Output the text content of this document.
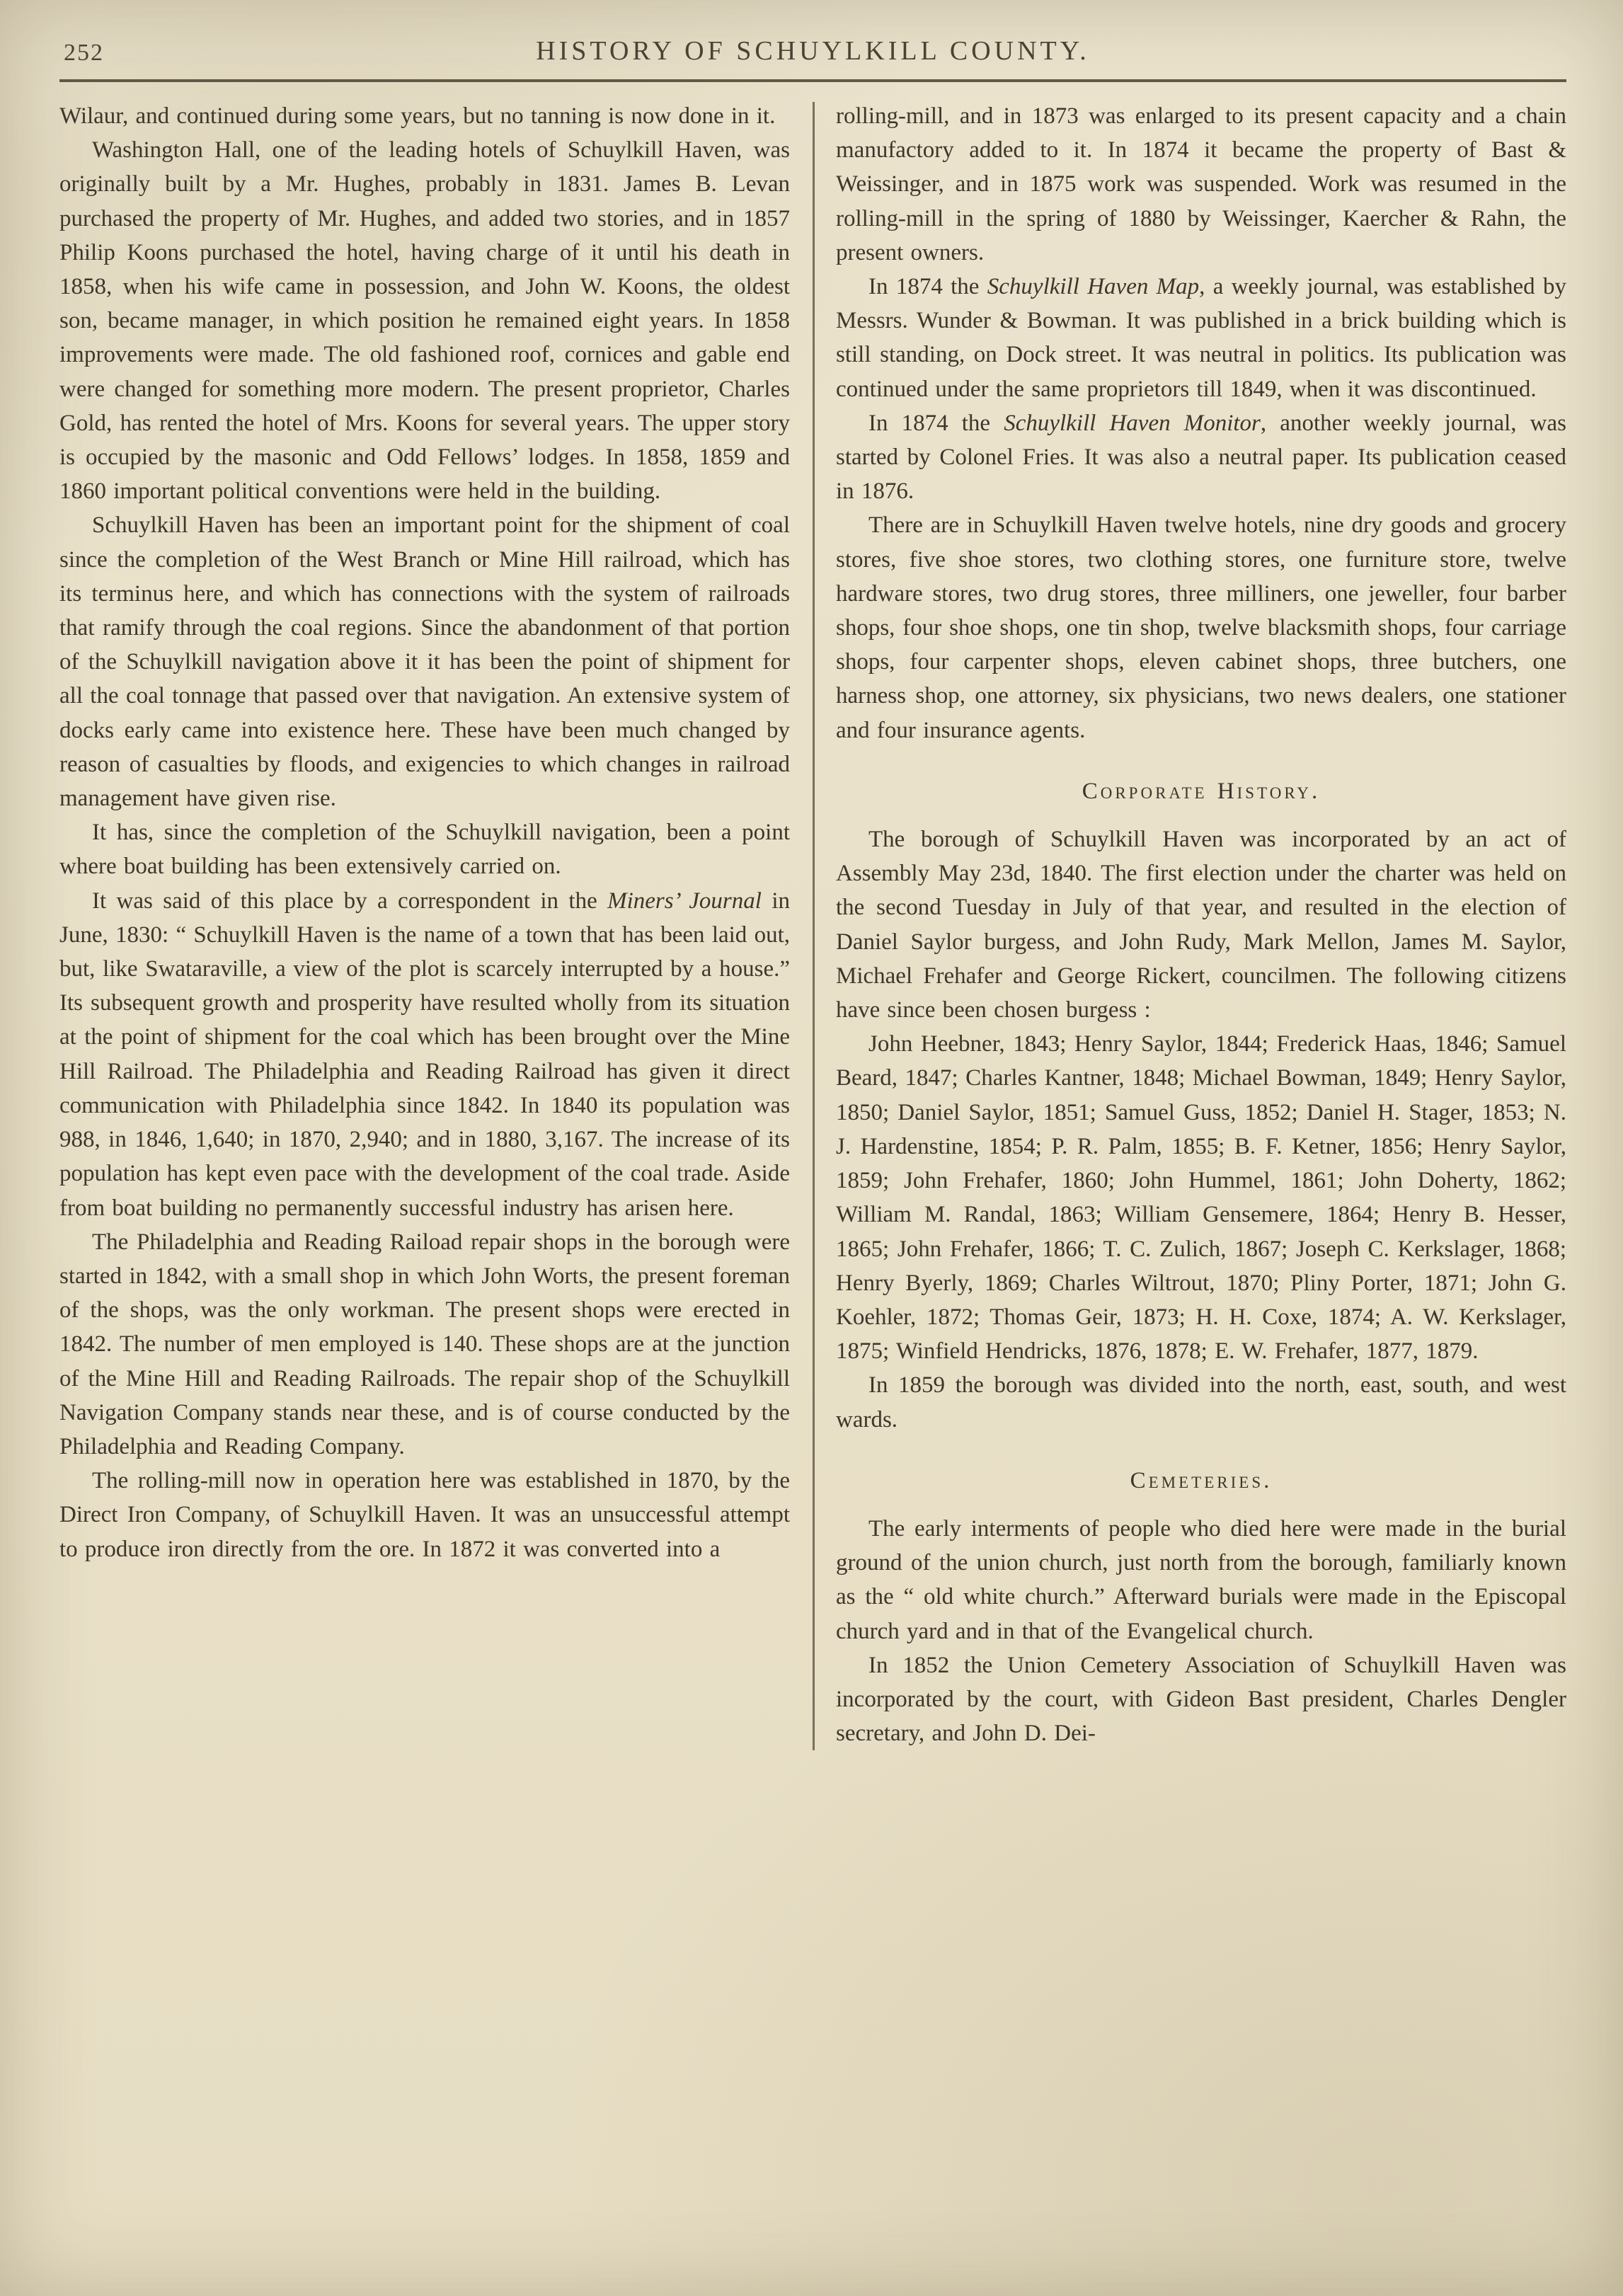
252	HISTORY OF SCHUYLKILL COUNTY.

Wilaur, and continued during some years, but no tanning is now done in it.

Washington Hall, one of the leading hotels of Schuylkill Haven, was originally built by a Mr. Hughes, probably in 1831. James B. Levan purchased the property of Mr. Hughes, and added two stories, and in 1857 Philip Koons purchased the hotel, having charge of it until his death in 1858, when his wife came in possession, and John W. Koons, the oldest son, became manager, in which position he remained eight years. In 1858 improvements were made. The old fashioned roof, cornices and gable end were changed for something more modern. The present proprietor, Charles Gold, has rented the hotel of Mrs. Koons for several years. The upper story is occupied by the masonic and Odd Fellows’ lodges. In 1858, 1859 and 1860 important political conventions were held in the building.

Schuylkill Haven has been an important point for the shipment of coal since the completion of the West Branch or Mine Hill railroad, which has its terminus here, and which has connections with the system of railroads that ramify through the coal regions. Since the abandonment of that portion of the Schuylkill navigation above it it has been the point of shipment for all the coal tonnage that passed over that navigation. An extensive system of docks early came into existence here. These have been much changed by reason of casualties by floods, and exigencies to which changes in railroad management have given rise.

It has, since the completion of the Schuylkill navigation, been a point where boat building has been extensively carried on.

It was said of this place by a correspondent in the Miners’ Journal in June, 1830: “ Schuylkill Haven is the name of a town that has been laid out, but, like Swataraville, a view of the plot is scarcely interrupted by a house.” Its subsequent growth and prosperity have resulted wholly from its situation at the point of shipment for the coal which has been brought over the Mine Hill Railroad. The Philadelphia and Reading Railroad has given it direct communication with Philadelphia since 1842. In 1840 its population was 988, in 1846, 1,640; in 1870, 2,940; and in 1880, 3,167. The increase of its population has kept even pace with the development of the coal trade. Aside from boat building no permanently successful industry has arisen here.

The Philadelphia and Reading Raiload repair shops in the borough were started in 1842, with a small shop in which John Worts, the present foreman of the shops, was the only workman. The present shops were erected in 1842. The number of men employed is 140. These shops are at the junction of the Mine Hill and Reading Railroads. The repair shop of the Schuylkill Navigation Company stands near these, and is of course conducted by the Philadelphia and Reading Company.

The rolling-mill now in operation here was established in 1870, by the Direct Iron Company, of Schuylkill Haven. It was an unsuccessful attempt to produce iron directly from the ore. In 1872 it was converted into a

rolling-mill, and in 1873 was enlarged to its present capacity and a chain manufactory added to it. In 1874 it became the property of Bast & Weissinger, and in 1875 work was suspended. Work was resumed in the rolling-mill in the spring of 1880 by Weissinger, Kaercher & Rahn, the present owners.

In 1874 the Schuylkill Haven Map, a weekly journal, was established by Messrs. Wunder & Bowman. It was published in a brick building which is still standing, on Dock street. It was neutral in politics. Its publication was continued under the same proprietors till 1849, when it was discontinued.

In 1874 the Schuylkill Haven Monitor, another weekly journal, was started by Colonel Fries. It was also a neutral paper. Its publication ceased in 1876.

There are in Schuylkill Haven twelve hotels, nine dry goods and grocery stores, five shoe stores, two clothing stores, one furniture store, twelve hardware stores, two drug stores, three milliners, one jeweller, four barber shops, four shoe shops, one tin shop, twelve blacksmith shops, four carriage shops, four carpenter shops, eleven cabinet shops, three butchers, one harness shop, one attorney, six physicians, two news dealers, one stationer and four insurance agents.

Corporate History.

The borough of Schuylkill Haven was incorporated by an act of Assembly May 23d, 1840. The first election under the charter was held on the second Tuesday in July of that year, and resulted in the election of Daniel Saylor burgess, and John Rudy, Mark Mellon, James M. Saylor, Michael Frehafer and George Rickert, councilmen. The following citizens have since been chosen burgess :

John Heebner, 1843; Henry Saylor, 1844; Frederick Haas, 1846; Samuel Beard, 1847; Charles Kantner, 1848; Michael Bowman, 1849; Henry Saylor, 1850; Daniel Saylor, 1851; Samuel Guss, 1852; Daniel H. Stager, 1853; N. J. Hardenstine, 1854; P. R. Palm, 1855; B. F. Ketner, 1856; Henry Saylor, 1859; John Frehafer, 1860; John Hummel, 1861; John Doherty, 1862; William M. Randal, 1863; William Gensemere, 1864; Henry B. Hesser, 1865; John Frehafer, 1866; T. C. Zulich, 1867; Joseph C. Kerkslager, 1868; Henry Byerly, 1869; Charles Wiltrout, 1870; Pliny Porter, 1871; John G. Koehler, 1872; Thomas Geir, 1873; H. H. Coxe, 1874; A. W. Kerkslager, 1875; Winfield Hendricks, 1876, 1878; E. W. Frehafer, 1877, 1879.

In 1859 the borough was divided into the north, east, south, and west wards.

Cemeteries.

The early interments of people who died here were made in the burial ground of the union church, just north from the borough, familiarly known as the “ old white church.” Afterward burials were made in the Episcopal church yard and in that of the Evangelical church.

In 1852 the Union Cemetery Association of Schuylkill Haven was incorporated by the court, with Gideon Bast president, Charles Dengler secretary, and John D. Dei-
